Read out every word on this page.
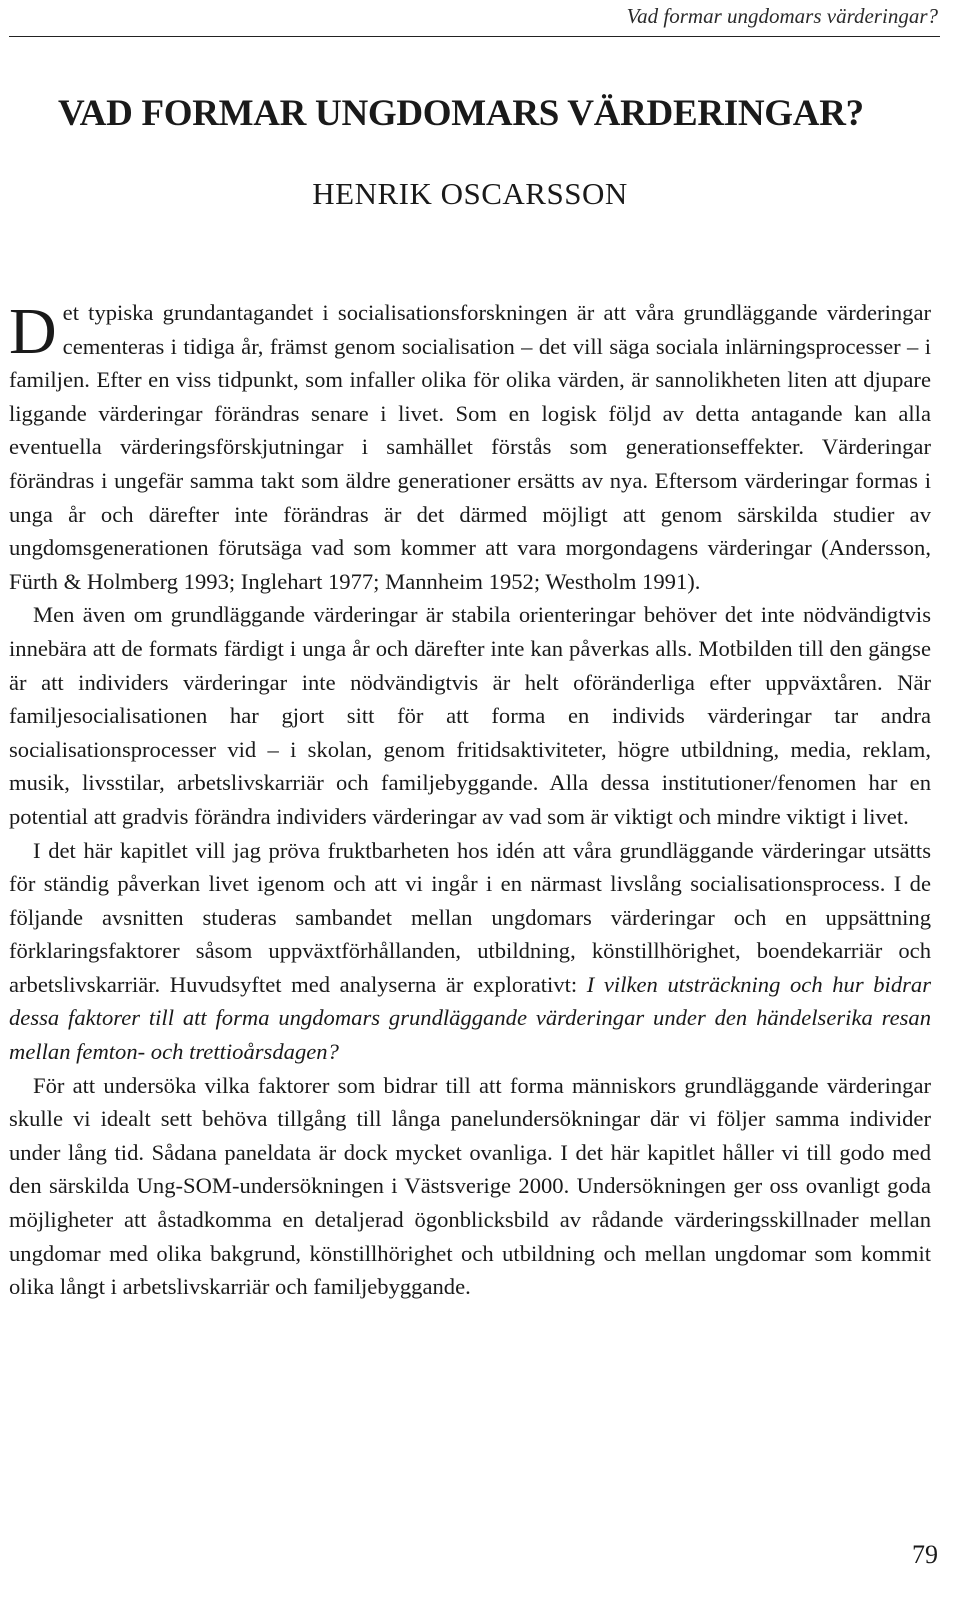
Vad formar ungdomars värderingar?
VAD FORMAR UNGDOMARS VÄRDERINGAR?
HENRIK OSCARSSON

Det typiska grundantagandet i socialisationsforskningen är att våra grundläggande värderingar cementeras i tidiga år, främst genom socialisation – det vill säga sociala inlärningsprocesser – i familjen. Efter en viss tidpunkt, som infaller olika för olika värden, är sannolikheten liten att djupare liggande värderingar förändras senare i livet. Som en logisk följd av detta antagande kan alla eventuella värderingsförskjutningar i samhället förstås som generationseffekter. Värderingar förändras i ungefär samma takt som äldre generationer ersätts av nya. Eftersom värderingar formas i unga år och därefter inte förändras är det därmed möjligt att genom särskilda studier av ungdomsgenerationen förutsäga vad som kommer att vara morgondagens värderingar (Andersson, Fürth & Holmberg 1993; Inglehart 1977; Mannheim 1952; Westholm 1991).

Men även om grundläggande värderingar är stabila orienteringar behöver det inte nödvändigtvis innebära att de formats färdigt i unga år och därefter inte kan påverkas alls. Motbilden till den gängse är att individers värderingar inte nödvändigtvis är helt oföränderliga efter uppväxtåren. När familjesocialisationen har gjort sitt för att forma en individs värderingar tar andra socialisationsprocesser vid – i skolan, genom fritidsaktiviteter, högre utbildning, media, reklam, musik, livsstilar, arbetslivskarriär och familjebyggande. Alla dessa institutioner/fenomen har en potential att gradvis förändra individers värderingar av vad som är viktigt och mindre viktigt i livet.

I det här kapitlet vill jag pröva fruktbarheten hos idén att våra grundläggande värderingar utsätts för ständig påverkan livet igenom och att vi ingår i en närmast livslång socialisationsprocess. I de följande avsnitten studeras sambandet mellan ungdomars värderingar och en uppsättning förklaringsfaktorer såsom uppväxtförhållanden, utbildning, könstillhörighet, boendekarriär och arbetslivskarriär. Huvudsyftet med analyserna är explorativt: I vilken utsträckning och hur bidrar dessa faktorer till att forma ungdomars grundläggande värderingar under den händelserika resan mellan femton- och trettioårsdagen?

För att undersöka vilka faktorer som bidrar till att forma människors grundläggande värderingar skulle vi idealt sett behöva tillgång till långa panelundersökningar där vi följer samma individer under lång tid. Sådana paneldata är dock mycket ovanliga. I det här kapitlet håller vi till godo med den särskilda Ung-SOM-undersökningen i Västsverige 2000. Undersökningen ger oss ovanligt goda möjligheter att åstadkomma en detaljerad ögonblicksbild av rådande värderingsskillnader mellan ungdomar med olika bakgrund, könstillhörighet och utbildning och mellan ungdomar som kommit olika långt i arbetslivskarriär och familjebyggande.

79
